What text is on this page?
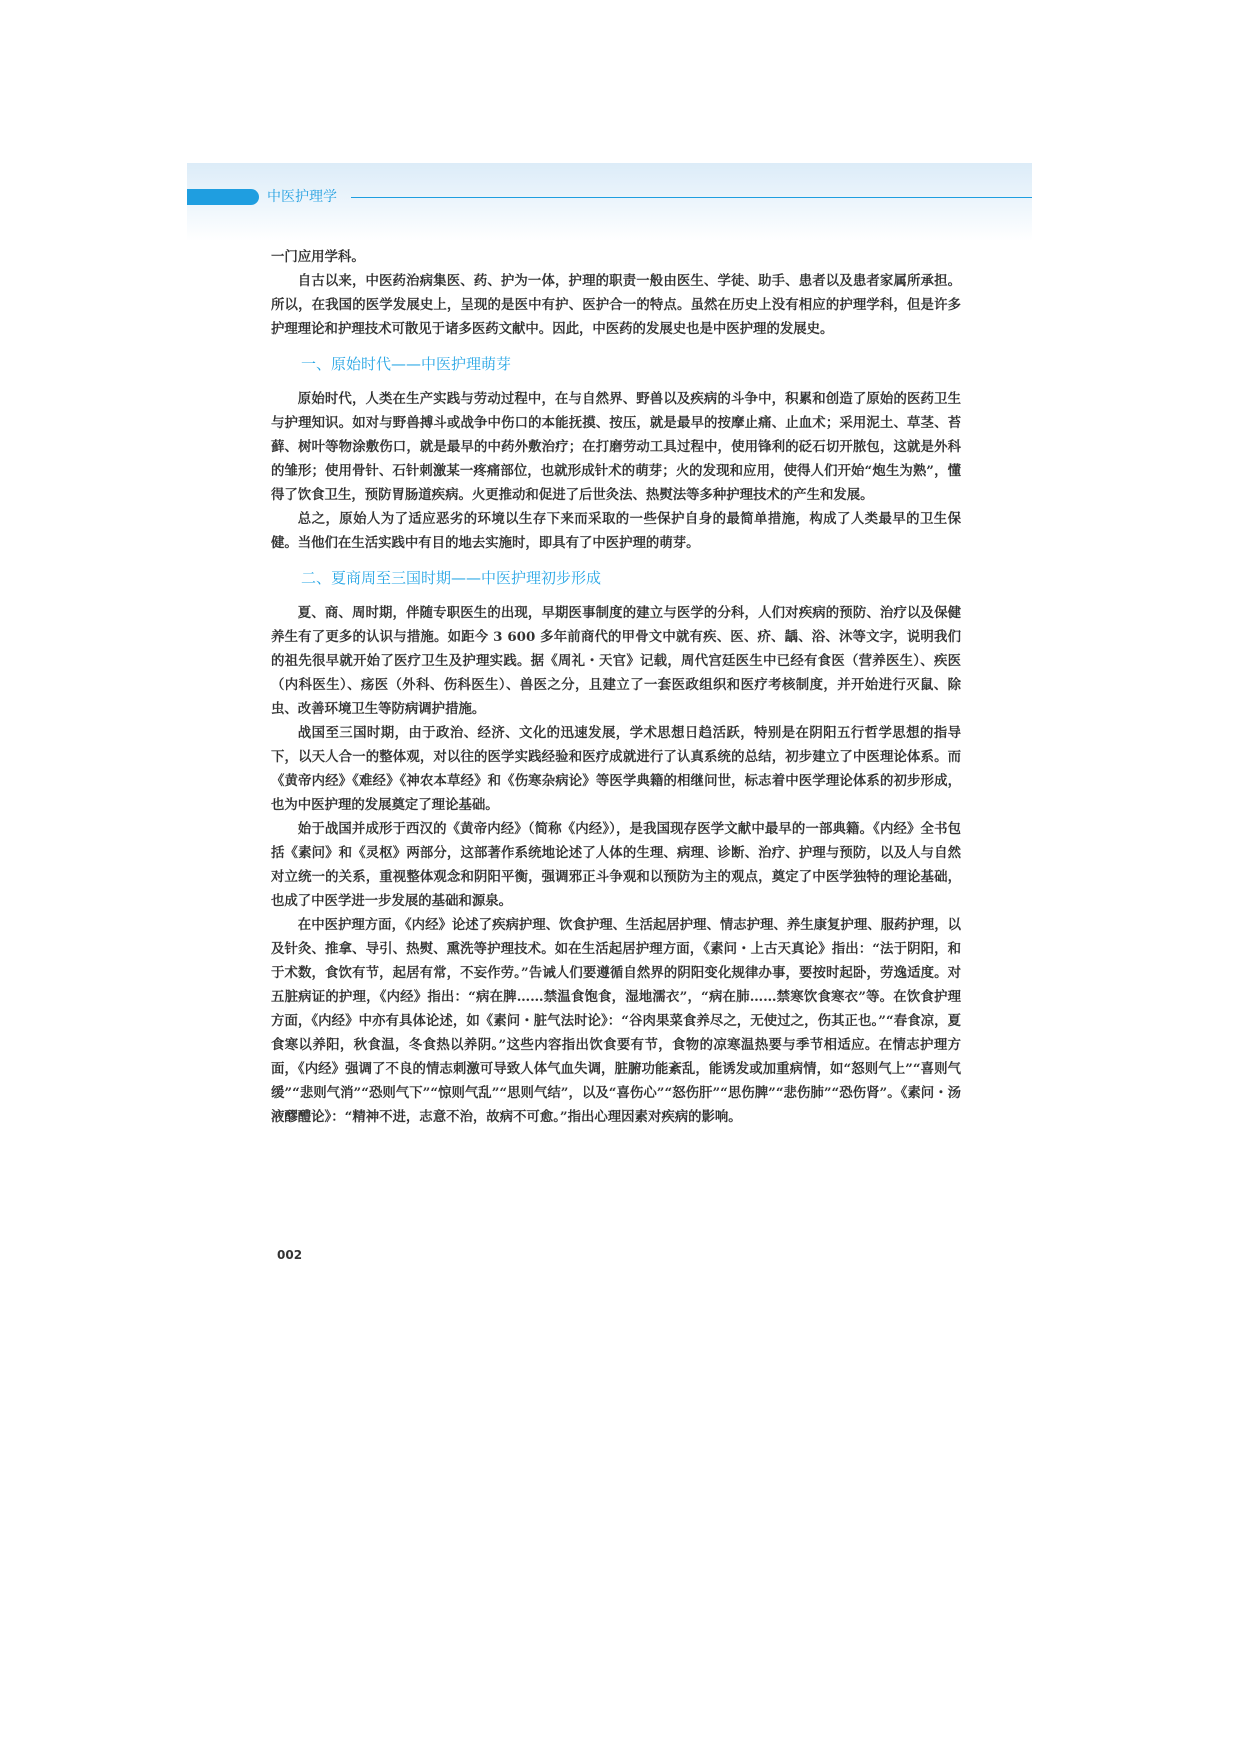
中医护理学

一门应用学科。

自古以来，中医药治病集医、药、护为一体，护理的职责一般由医生、学徒、助手、患者以及患者家属所承担。所以，在我国的医学发展史上，呈现的是医中有护、医护合一的特点。虽然在历史上没有相应的护理学科，但是许多护理理论和护理技术可散见于诸多医药文献中。因此，中医药的发展史也是中医护理的发展史。

一、原始时代——中医护理萌芽

原始时代，人类在生产实践与劳动过程中，在与自然界、野兽以及疾病的斗争中，积累和创造了原始的医药卫生与护理知识。如对与野兽搏斗或战争中伤口的本能抚摸、按压，就是最早的按摩止痛、止血术；采用泥土、草茎、苔藓、树叶等物涂敷伤口，就是最早的中药外敷治疗；在打磨劳动工具过程中，使用锋利的砭石切开脓包，这就是外科的雏形；使用骨针、石针刺激某一疼痛部位，也就形成针术的萌芽；火的发现和应用，使得人们开始“炮生为熟”，懂得了饮食卫生，预防胃肠道疾病。火更推动和促进了后世灸法、热熨法等多种护理技术的产生和发展。

总之，原始人为了适应恶劣的环境以生存下来而采取的一些保护自身的最简单措施，构成了人类最早的卫生保健。当他们在生活实践中有目的地去实施时，即具有了中医护理的萌芽。

二、夏商周至三国时期——中医护理初步形成

夏、商、周时期，伴随专职医生的出现，早期医事制度的建立与医学的分科，人们对疾病的预防、治疗以及保健养生有了更多的认识与措施。如距今 3 600 多年前商代的甲骨文中就有疾、医、疥、龋、浴、沐等文字，说明我们的祖先很早就开始了医疗卫生及护理实践。据《周礼・天官》记载，周代宫廷医生中已经有食医（营养医生）、疾医（内科医生）、疡医（外科、伤科医生）、兽医之分，且建立了一套医政组织和医疗考核制度，并开始进行灭鼠、除虫、改善环境卫生等防病调护措施。

战国至三国时期，由于政治、经济、文化的迅速发展，学术思想日趋活跃，特别是在阴阳五行哲学思想的指导下，以天人合一的整体观，对以往的医学实践经验和医疗成就进行了认真系统的总结，初步建立了中医理论体系。而《黄帝内经》《难经》《神农本草经》和《伤寒杂病论》等医学典籍的相继问世，标志着中医学理论体系的初步形成，也为中医护理的发展奠定了理论基础。

始于战国并成形于西汉的《黄帝内经》（简称《内经》），是我国现存医学文献中最早的一部典籍。《内经》全书包括《素问》和《灵枢》两部分，这部著作系统地论述了人体的生理、病理、诊断、治疗、护理与预防，以及人与自然对立统一的关系，重视整体观念和阴阳平衡，强调邪正斗争观和以预防为主的观点，奠定了中医学独特的理论基础，也成了中医学进一步发展的基础和源泉。

在中医护理方面，《内经》论述了疾病护理、饮食护理、生活起居护理、情志护理、养生康复护理、服药护理，以及针灸、推拿、导引、热熨、熏洗等护理技术。如在生活起居护理方面，《素问・上古天真论》指出：“法于阴阳，和于术数，食饮有节，起居有常，不妄作劳。”告诫人们要遵循自然界的阴阳变化规律办事，要按时起卧，劳逸适度。对五脏病证的护理，《内经》指出：“病在脾……禁温食饱食，湿地濡衣”，“病在肺……禁寒饮食寒衣”等。在饮食护理方面，《内经》中亦有具体论述，如《素问・脏气法时论》：“谷肉果菜食养尽之，无使过之，伤其正也。”“春食凉，夏食寒以养阳，秋食温，冬食热以养阴。”这些内容指出饮食要有节，食物的凉寒温热要与季节相适应。在情志护理方面，《内经》强调了不良的情志刺激可导致人体气血失调，脏腑功能紊乱，能诱发或加重病情，如“怒则气上”“喜则气缓”“悲则气消”“恐则气下”“惊则气乱”“思则气结”，以及“喜伤心”“怒伤肝”“思伤脾”“悲伤肺”“恐伤肾”。《素问・汤液醪醴论》：“精神不进，志意不治，故病不可愈。”指出心理因素对疾病的影响。

002
